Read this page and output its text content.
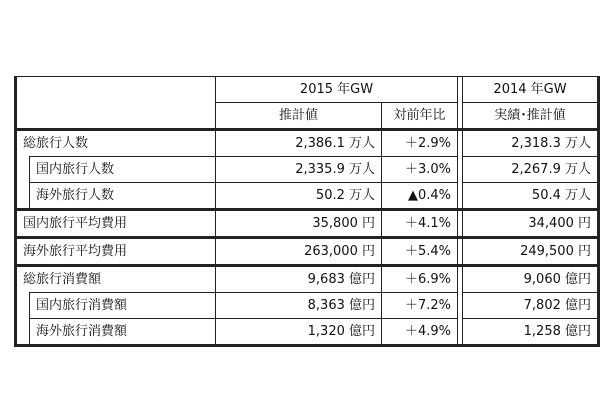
		2015 年GW			2014 年GW
		推計値	対前年比		実績･推計値
総旅行人数		2,386.1 万人	＋2.9%		2,318.3 万人
	国内旅行人数	2,335.9 万人	＋3.0%		2,267.9 万人
	海外旅行人数	50.2 万人	▲0.4%		50.4 万人
国内旅行平均費用		35,800 円	＋4.1%		34,400 円
海外旅行平均費用		263,000 円	＋5.4%		249,500 円
総旅行消費額		9,683 億円	＋6.9%		9,060 億円
	国内旅行消費額	8,363 億円	＋7.2%		7,802 億円
	海外旅行消費額	1,320 億円	＋4.9%		1,258 億円
